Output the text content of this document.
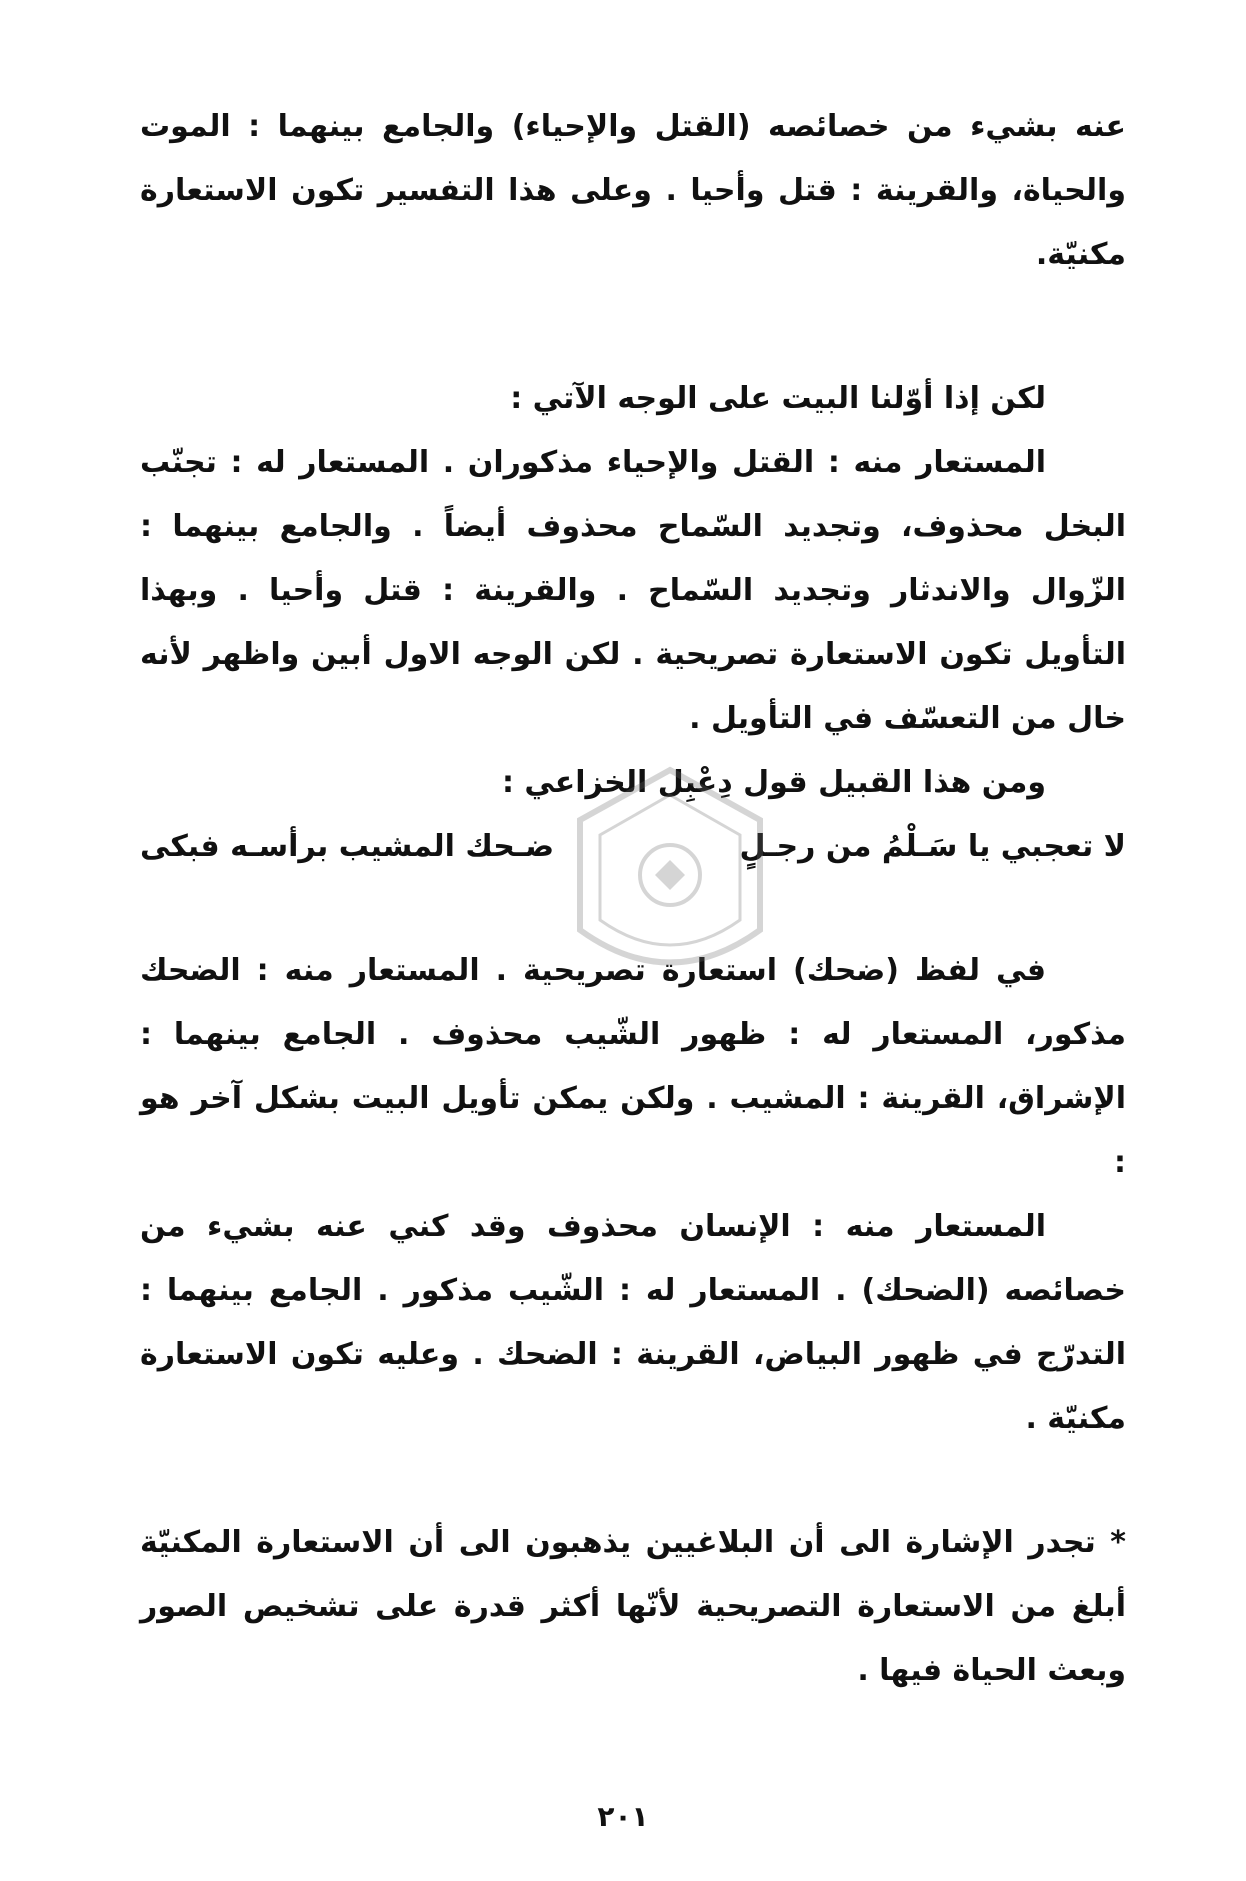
عنه بشيء من خصائصه (القتل والإحياء) والجامع بينهما : الموت والحياة، والقرينة : قتل وأحيا . وعلى هذا التفسير تكون الاستعارة مكنيّة.

لكن إذا أوّلنا البيت على الوجه الآتي :

المستعار منه : القتل والإحياء مذكوران . المستعار له : تجنّب البخل محذوف، وتجديد السّماح محذوف أيضاً . والجامع بينهما : الزّوال والاندثار وتجديد السّماح . والقرينة : قتل وأحيا . وبهذا التأويل تكون الاستعارة تصريحية . لكن الوجه الاول أبين واظهر لأنه خال من التعسّف في التأويل .

ومن هذا القبيل قول دِعْبِل الخزاعي :

لا تعجبي يا سَـلْمُ من رجـلٍ
ضـحك المشيب برأسـه فبكى

في لفظ (ضحك) استعارة تصريحية . المستعار منه : الضحك مذكور، المستعار له : ظهور الشّيب محذوف . الجامع بينهما : الإشراق، القرينة : المشيب . ولكن يمكن تأويل البيت بشكل آخر هو :

المستعار منه : الإنسان محذوف وقد كني عنه بشيء من خصائصه (الضحك) . المستعار له : الشّيب مذكور . الجامع بينهما : التدرّج في ظهور البياض، القرينة : الضحك . وعليه تكون الاستعارة مكنيّة .

* تجدر الإشارة الى أن البلاغيين يذهبون الى أن الاستعارة المكنيّة أبلغ من الاستعارة التصريحية لأنّها أكثر قدرة على تشخيص الصور وبعث الحياة فيها .

٢٠١
